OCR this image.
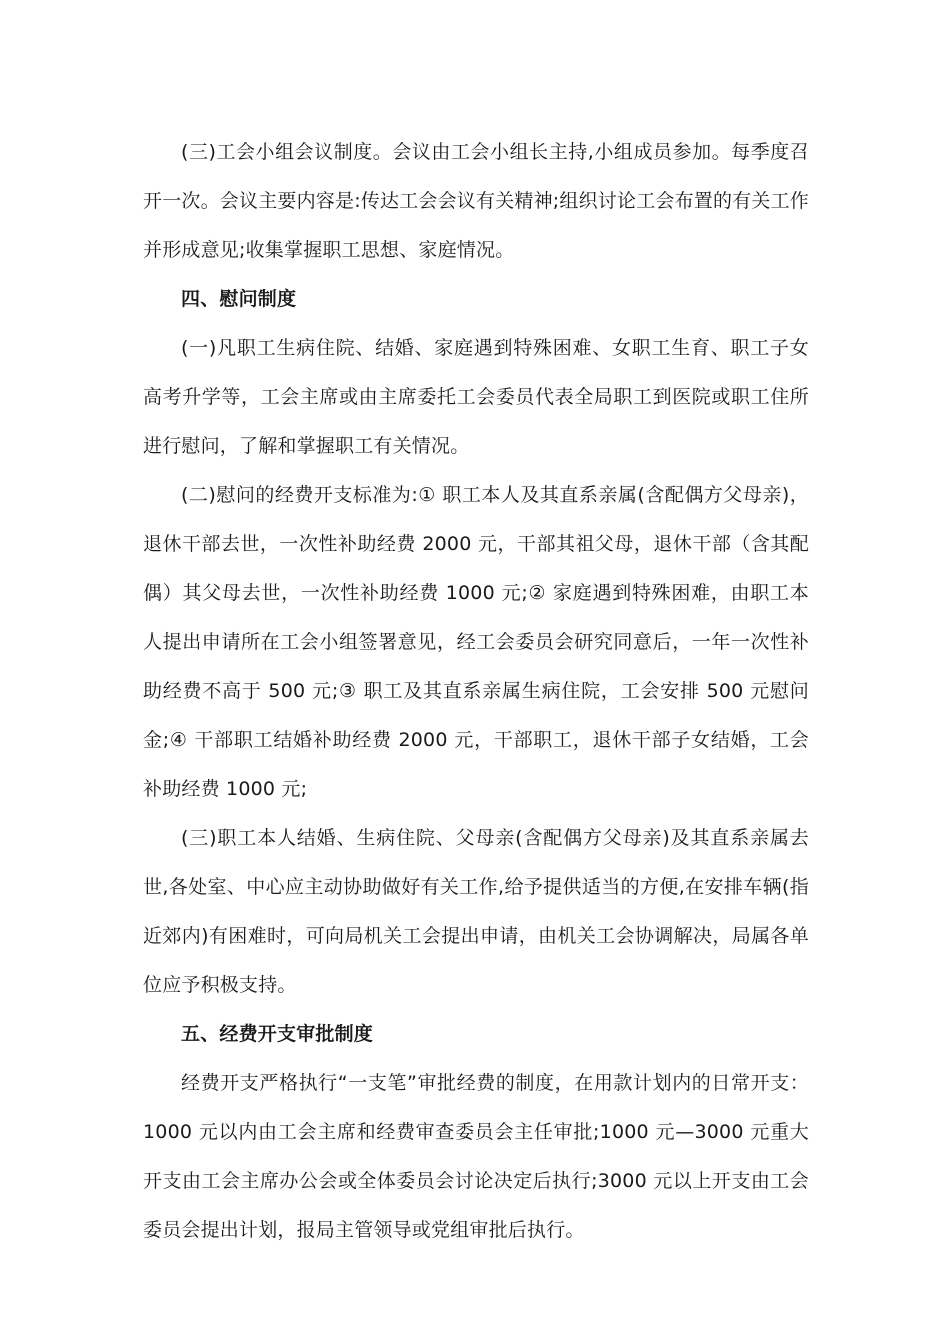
(三)工会小组会议制度。会议由工会小组长主持,小组成员参加。每季度召开一次。会议主要内容是:传达工会会议有关精神;组织讨论工会布置的有关工作并形成意见;收集掌握职工思想、家庭情况。

四、慰问制度

(一)凡职工生病住院、结婚、家庭遇到特殊困难、女职工生育、职工子女高考升学等，工会主席或由主席委托工会委员代表全局职工到医院或职工住所进行慰问，了解和掌握职工有关情况。

(二)慰问的经费开支标准为:① 职工本人及其直系亲属(含配偶方父母亲)，退休干部去世，一次性补助经费 2000 元，干部其祖父母，退休干部（含其配偶）其父母去世，一次性补助经费 1000 元;② 家庭遇到特殊困难，由职工本人提出申请所在工会小组签署意见，经工会委员会研究同意后，一年一次性补助经费不高于 500 元;③ 职工及其直系亲属生病住院，工会安排 500 元慰问金;④ 干部职工结婚补助经费 2000 元，干部职工，退休干部子女结婚，工会补助经费 1000 元;

(三)职工本人结婚、生病住院、父母亲(含配偶方父母亲)及其直系亲属去世,各处室、中心应主动协助做好有关工作,给予提供适当的方便,在安排车辆(指近郊内)有困难时，可向局机关工会提出申请，由机关工会协调解决，局属各单位应予积极支持。

五、经费开支审批制度

经费开支严格执行“一支笔”审批经费的制度，在用款计划内的日常开支：1000 元以内由工会主席和经费审查委员会主任审批;1000 元—3000 元重大开支由工会主席办公会或全体委员会讨论决定后执行;3000 元以上开支由工会委员会提出计划，报局主管领导或党组审批后执行。
